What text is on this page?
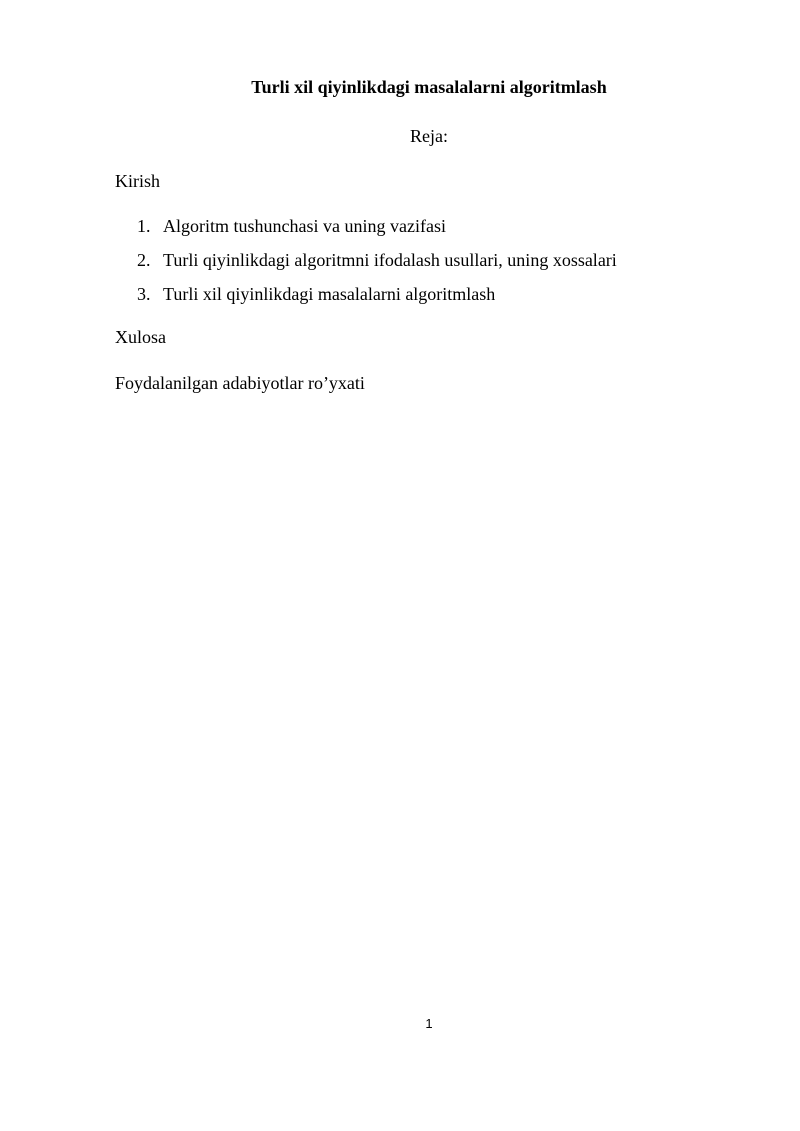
Turli xil qiyinlikdagi masalalarni algoritmlash
Reja:
Kirish
1. Algoritm tushunchasi va uning vazifasi
2. Turli qiyinlikdagi algoritmni ifodalash usullari, uning xossalari
3. Turli xil qiyinlikdagi masalalarni algoritmlash
Xulosa
Foydalanilgan adabiyotlar ro’yxati
1
